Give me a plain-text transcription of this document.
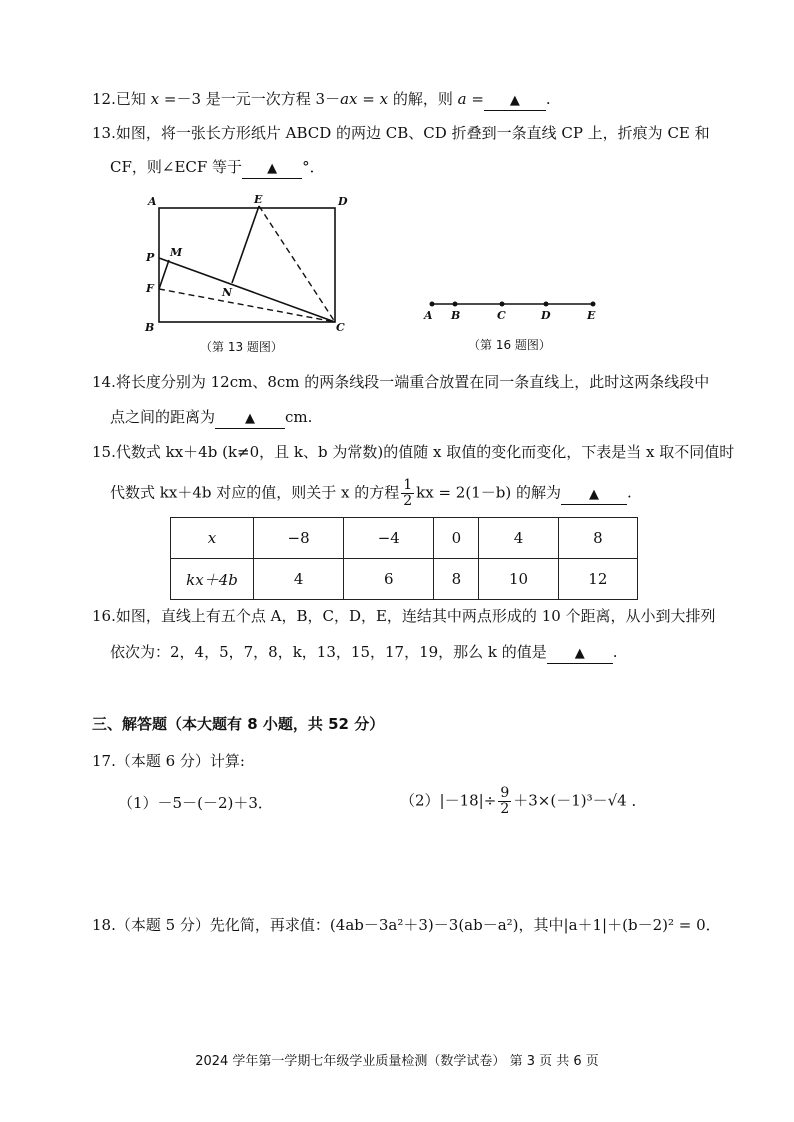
12.已知 x =－3 是一元一次方程 3－ax = x 的解，则 a = ▲ .
13.如图，将一张长方形纸片 ABCD 的两边 CB、CD 折叠到一条直线 CP 上，折痕为 CE 和
CF，则∠ECF 等于 ▲ °．
A	E	D
P M
F	N
B	C
（第 13 题图）
A B	C	D	E
（第 16 题图）
14.将长度分别为 12cm、8cm 的两条线段一端重合放置在同一条直线上，此时这两条线段中
点之间的距离为 ▲ cm.
15.代数式 kx＋4b (k≠0，且 k、b 为常数)的值随 x 取值的变化而变化，下表是当 x 取不同值时
代数式 kx＋4b 对应的值，则关于 x 的方程 $\frac{1}{2}$ kx = 2(1－b) 的解为 ▲ .
x	−8	−4	0	4	8
kx＋4b	4	6	8	10	12
16.如图，直线上有五个点 A，B，C，D，E，连结其中两点形成的 10 个距离，从小到大排列
依次为：2，4，5，7，8，k，13，15，17，19，那么 k 的值是 ▲ .
三、解答题（本大题有 8 小题，共 52 分）
17.（本题 6 分）计算:
（1）－5－(－2)＋3．	$(2)|-18|\div \frac{9}{2} +3\times(-1)^3-√4$ ．
18.（本题 5 分）先化简，再求值：(4ab－3a²＋3)－3(ab－a²)，其中|a＋1|＋(b－2)² = 0．
2024 学年第一学期七年级学业质量检测（数学试卷） 第 3 页 共 6 页
